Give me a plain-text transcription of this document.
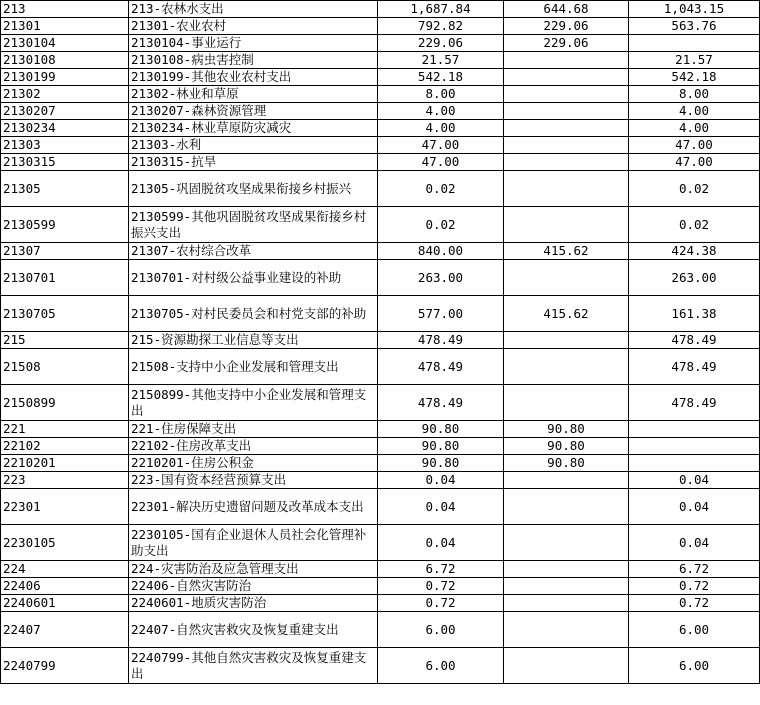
213	213-农林水支出	1,687.84	644.68	1,043.15
21301	21301-农业农村	792.82	229.06	563.76
2130104	2130104-事业运行	229.06	229.06	
2130108	2130108-病虫害控制	21.57		21.57
2130199	2130199-其他农业农村支出	542.18		542.18
21302	21302-林业和草原	8.00		8.00
2130207	2130207-森林资源管理	4.00		4.00
2130234	2130234-林业草原防灾减灾	4.00		4.00
21303	21303-水利	47.00		47.00
2130315	2130315-抗旱	47.00		47.00
21305	21305-巩固脱贫攻坚成果衔接乡村振兴	0.02		0.02
2130599	2130599-其他巩固脱贫攻坚成果衔接乡村振兴支出	0.02		0.02
21307	21307-农村综合改革	840.00	415.62	424.38
2130701	2130701-对村级公益事业建设的补助	263.00		263.00
2130705	2130705-对村民委员会和村党支部的补助	577.00	415.62	161.38
215	215-资源勘探工业信息等支出	478.49		478.49
21508	21508-支持中小企业发展和管理支出	478.49		478.49
2150899	2150899-其他支持中小企业发展和管理支出	478.49		478.49
221	221-住房保障支出	90.80	90.80	
22102	22102-住房改革支出	90.80	90.80	
2210201	2210201-住房公积金	90.80	90.80	
223	223-国有资本经营预算支出	0.04		0.04
22301	22301-解决历史遗留问题及改革成本支出	0.04		0.04
2230105	2230105-国有企业退休人员社会化管理补助支出	0.04		0.04
224	224-灾害防治及应急管理支出	6.72		6.72
22406	22406-自然灾害防治	0.72		0.72
2240601	2240601-地质灾害防治	0.72		0.72
22407	22407-自然灾害救灾及恢复重建支出	6.00		6.00
2240799	2240799-其他自然灾害救灾及恢复重建支出	6.00		6.00
